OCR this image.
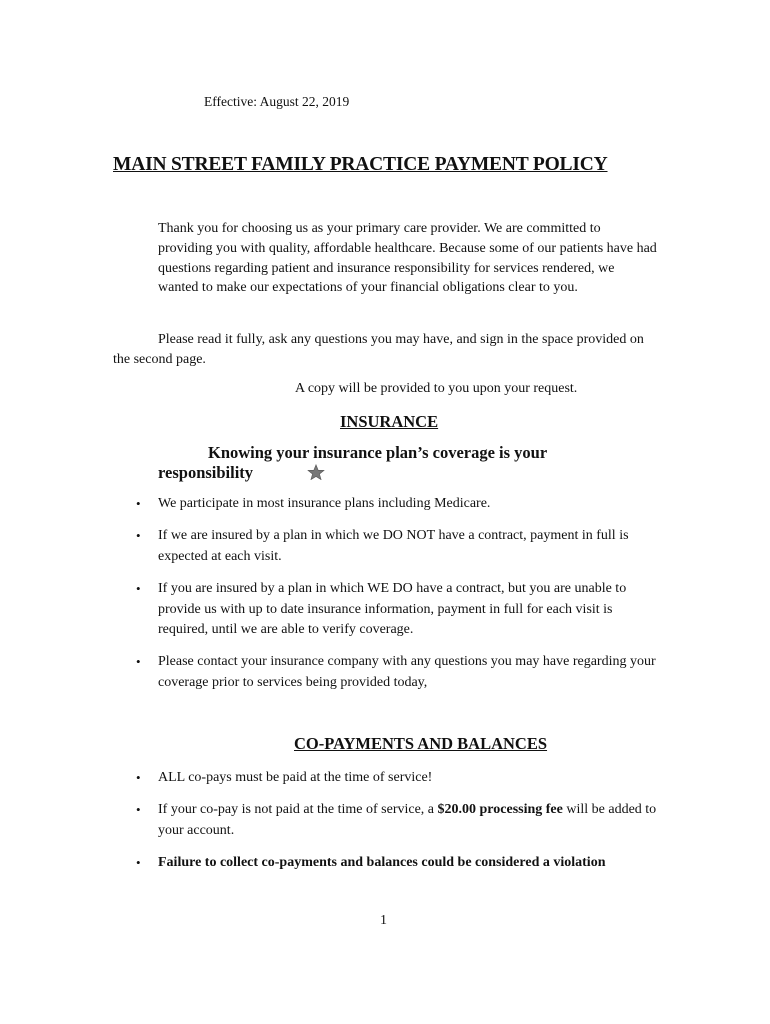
Effective: August 22, 2019
MAIN STREET FAMILY PRACTICE PAYMENT POLICY
Thank you for choosing us as your primary care provider. We are committed to providing you with quality, affordable healthcare. Because some of our patients have had questions regarding patient and insurance responsibility for services rendered, we wanted to make our expectations of your financial obligations clear to you.
Please read it fully, ask any questions you may have, and sign in the space provided on the second page.
A copy will be provided to you upon your request.
INSURANCE
Knowing your insurance plan’s coverage is your responsibility
• We participate in most insurance plans including Medicare.
• If we are insured by a plan in which we DO NOT have a contract, payment in full is expected at each visit.
• If you are insured by a plan in which WE DO have a contract, but you are unable to provide us with up to date insurance information, payment in full for each visit is required, until we are able to verify coverage.
• Please contact your insurance company with any questions you may have regarding your coverage prior to services being provided today,
CO-PAYMENTS AND BALANCES
• ALL co-pays must be paid at the time of service!
• If your co-pay is not paid at the time of service, a $20.00 processing fee will be added to your account.
• Failure to collect co-payments and balances could be considered a violation
1
